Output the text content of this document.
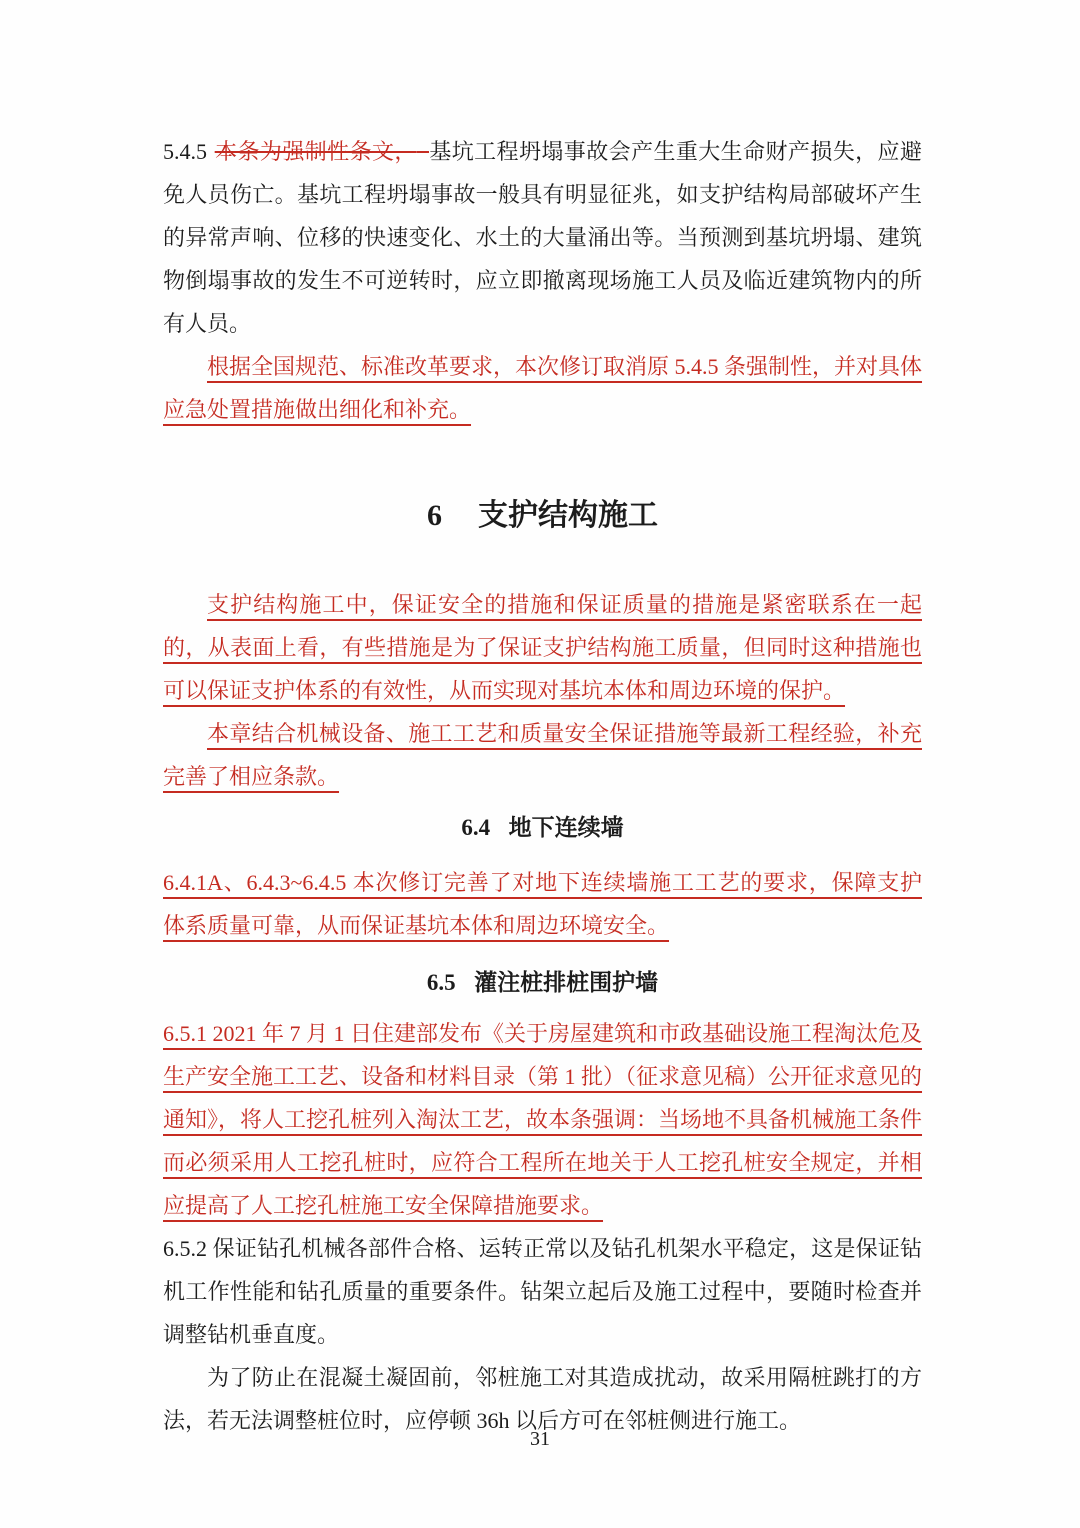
5.4.5 本条为强制性条文， 基坑工程坍塌事故会产生重大生命财产损失，应避免人员伤亡。基坑工程坍塌事故一般具有明显征兆，如支护结构局部破坏产生的异常声响、位移的快速变化、水土的大量涌出等。当预测到基坑坍塌、建筑物倒塌事故的发生不可逆转时，应立即撤离现场施工人员及临近建筑物内的所有人员。

根据全国规范、标准改革要求，本次修订取消原 5.4.5 条强制性，并对具体应急处置措施做出细化和补充。

6 支护结构施工

支护结构施工中，保证安全的措施和保证质量的措施是紧密联系在一起的，从表面上看，有些措施是为了保证支护结构施工质量，但同时这种措施也可以保证支护体系的有效性，从而实现对基坑本体和周边环境的保护。

本章结合机械设备、施工工艺和质量安全保证措施等最新工程经验，补充完善了相应条款。

6.4 地下连续墙

6.4.1A、6.4.3~6.4.5 本次修订完善了对地下连续墙施工工艺的要求，保障支护体系质量可靠，从而保证基坑本体和周边环境安全。

6.5 灌注桩排桩围护墙

6.5.1 2021 年 7 月 1 日住建部发布《关于房屋建筑和市政基础设施工程淘汰危及生产安全施工工艺、设备和材料目录（第 1 批）（征求意见稿）公开征求意见的通知》，将人工挖孔桩列入淘汰工艺，故本条强调：当场地不具备机械施工条件而必须采用人工挖孔桩时，应符合工程所在地关于人工挖孔桩安全规定，并相应提高了人工挖孔桩施工安全保障措施要求。

6.5.2 保证钻孔机械各部件合格、运转正常以及钻孔机架水平稳定，这是保证钻机工作性能和钻孔质量的重要条件。钻架立起后及施工过程中，要随时检查并调整钻机垂直度。

为了防止在混凝土凝固前，邻桩施工对其造成扰动，故采用隔桩跳打的方法，若无法调整桩位时，应停顿 36h 以后方可在邻桩侧进行施工。

31
